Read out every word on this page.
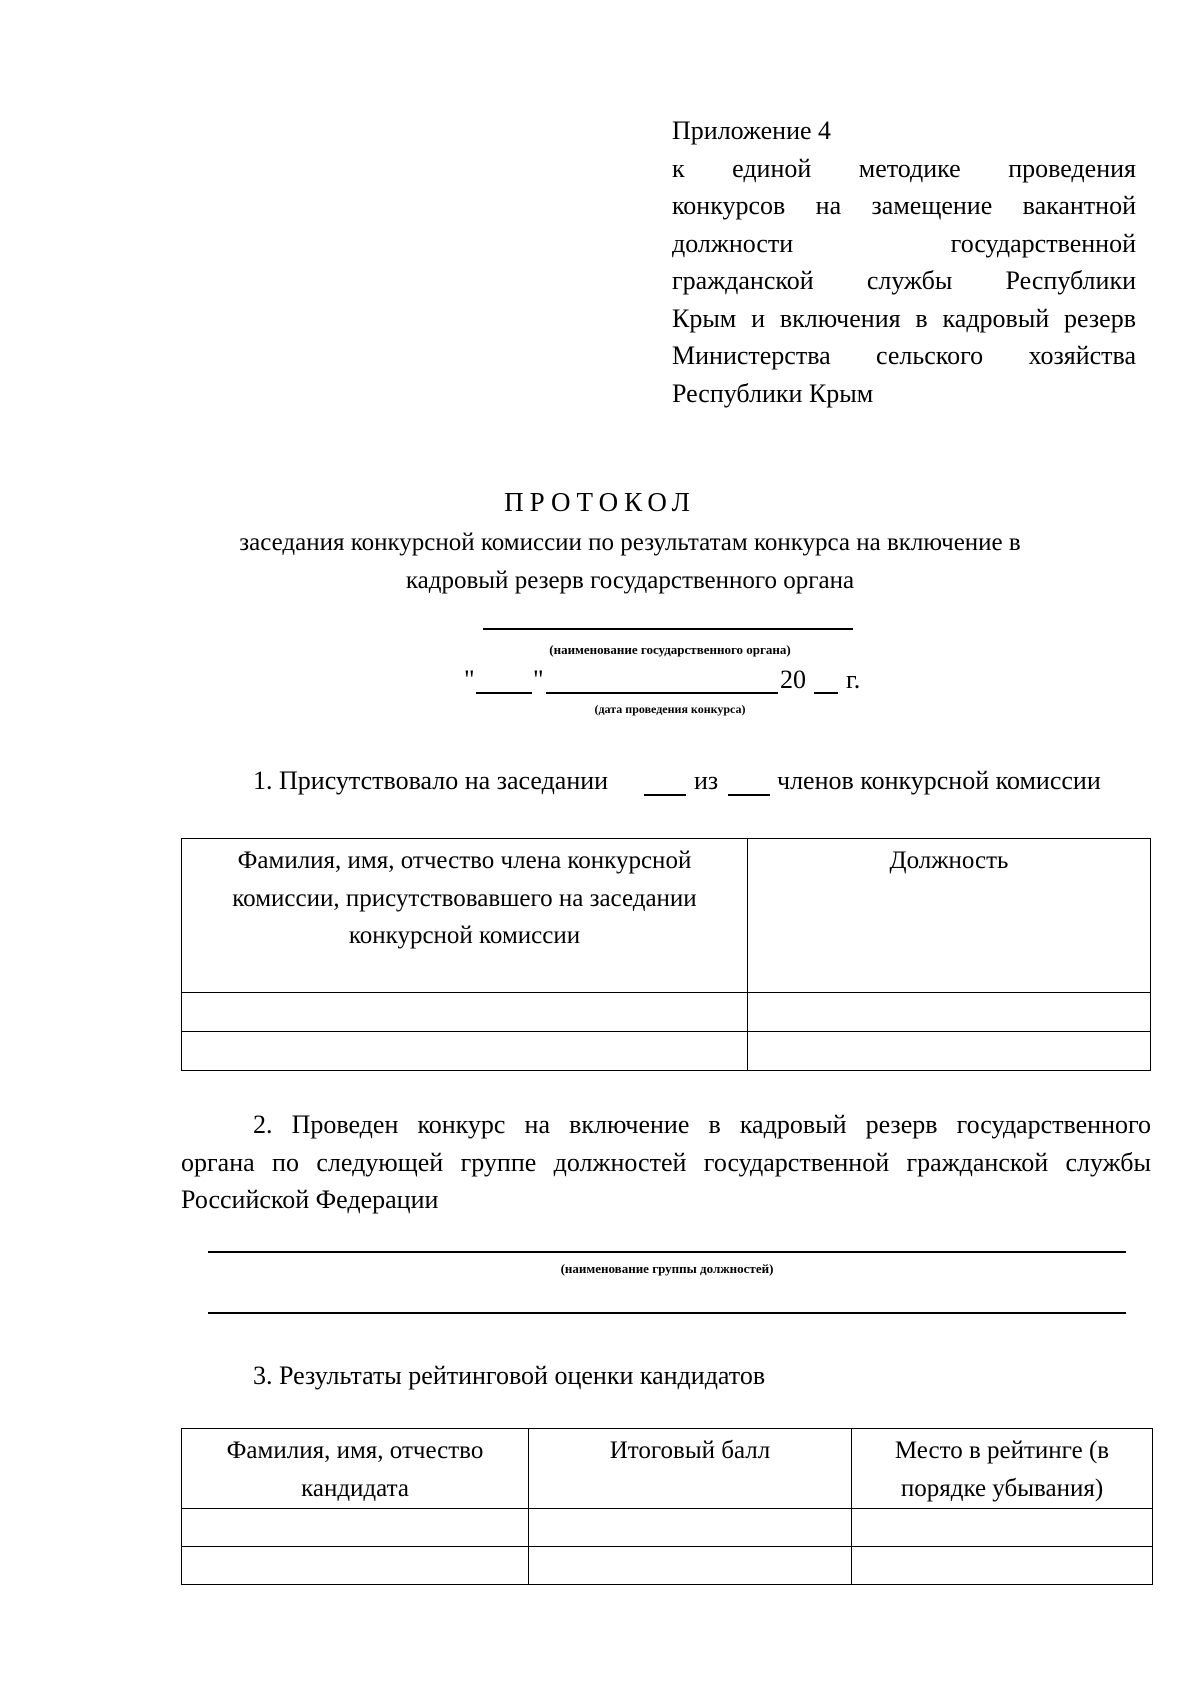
Приложение 4
к единой методике проведения
конкурсов на замещение вакантной
должности государственной
гражданской службы Республики
Крым и включения в кадровый резерв
Министерства сельского хозяйства
Республики Крым
ПРОТОКОЛ
заседания конкурсной комиссии по результатам конкурса на включение в
кадровый резерв государственного органа
(наименование государственного органа)
" "	20 г.
(дата проведения конкурса)
1. Присутствовало на заседании	из членов конкурсной комиссии
Фамилия, имя, отчество члена конкурсной комиссии, присутствовавшего на заседании конкурсной комиссии	Должность

2. Проведен конкурс на включение в кадровый резерв государственного
органа по следующей группе должностей государственной гражданской службы
Российской Федерации
(наименование группы должностей)
3. Результаты рейтинговой оценки кандидатов
Фамилия, имя, отчество кандидата	Итоговый балл	Место в рейтинге (в порядке убывания)
